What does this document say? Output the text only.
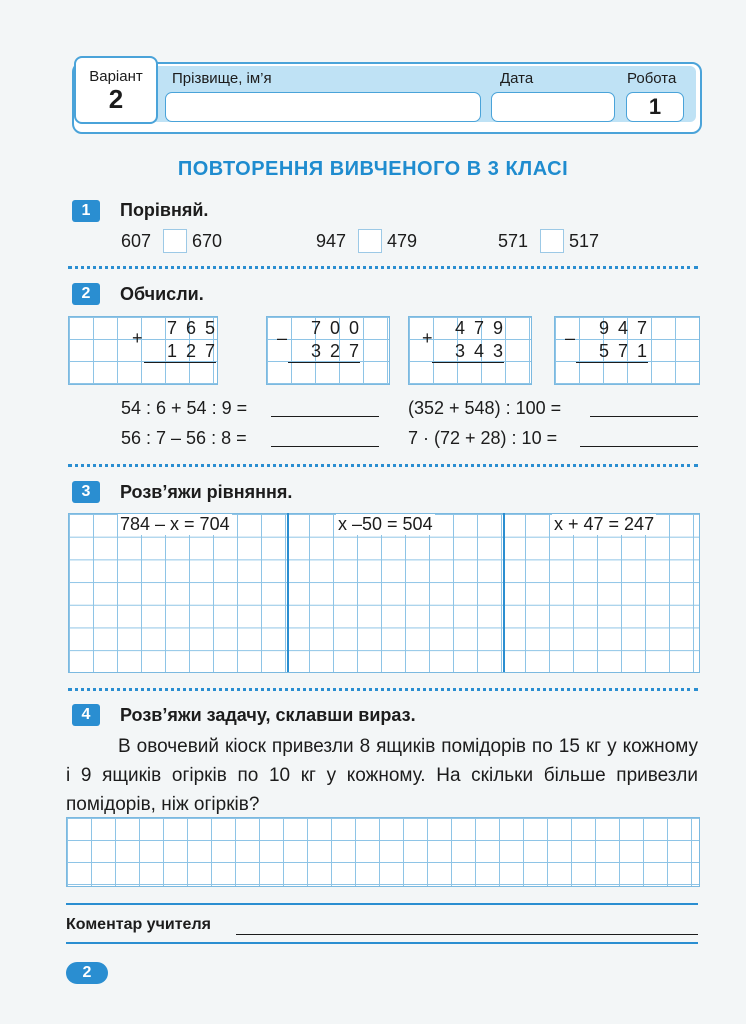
Варіант
2
Прізвище, ім’я	Дата	Робота
1
ПОВТОРЕННЯ ВИВЧЕНОГО В 3 КЛАСІ
1	Порівняй.
607 670	947 479	571 517
2	Обчисли.
+	765
127
–	700
327
+	479
343
–	947
571
54 : 6 + 54 : 9 =	(352 + 548) : 100 =
56 : 7 – 56 : 8 =	7 · (72 + 28) : 10 =
3	Розв’яжи рівняння.
784 – x = 704	x –50 = 504	x + 47 = 247
4	Розв’яжи задачу, склавши вираз.
В овочевий кіоск привезли 8 ящиків помідорів по 15 кг у кожному і 9 ящиків огірків по 10 кг у кожному. На скільки більше привезли помідорів, ніж огірків?
Коментар учителя
2
